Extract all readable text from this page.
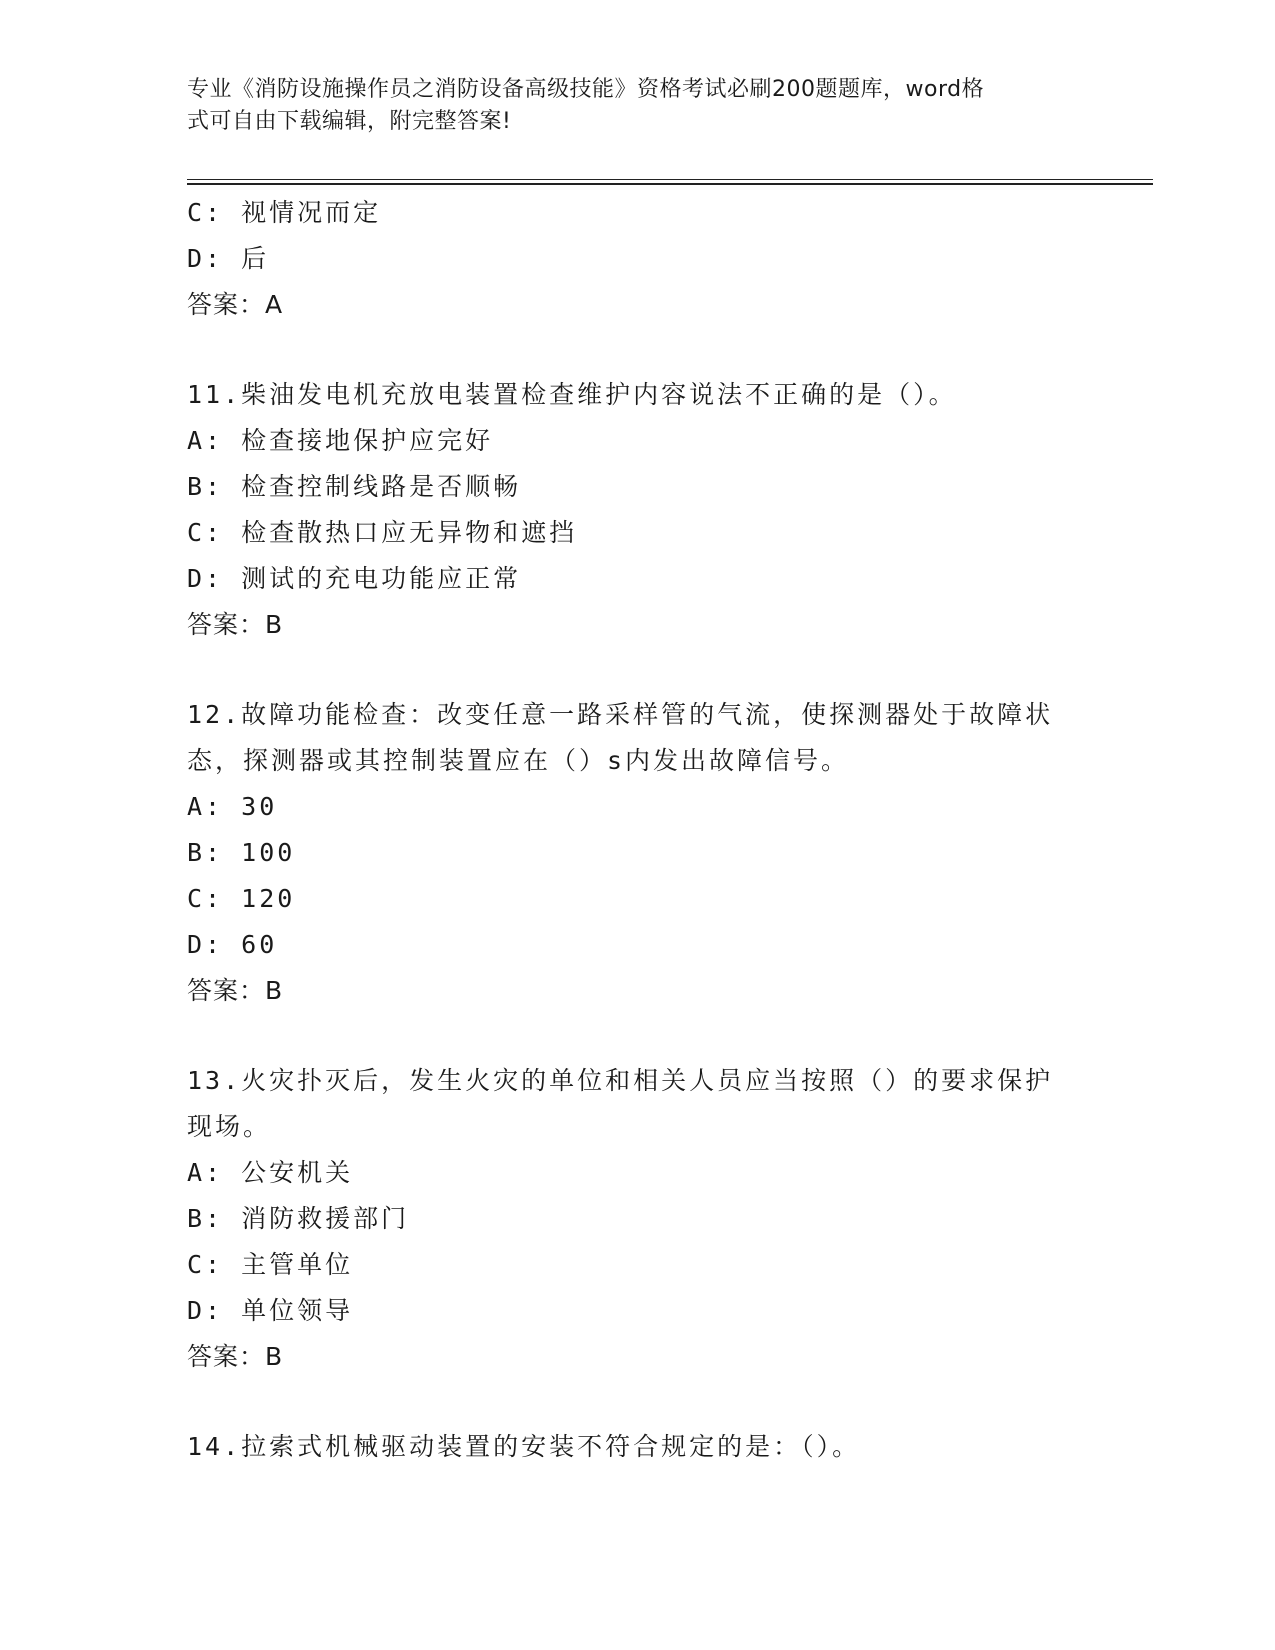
专业《消防设施操作员之消防设备高级技能》资格考试必刷200题题库，word格
式可自由下载编辑，附完整答案!
C: 视情况而定
D: 后
答案：A
11.柴油发电机充放电装置检查维护内容说法不正确的是（）。
A: 检查接地保护应完好
B: 检查控制线路是否顺畅
C: 检查散热口应无异物和遮挡
D: 测试的充电功能应正常
答案：B
12.故障功能检查：改变任意一路采样管的气流，使探测器处于故障状
态，探测器或其控制装置应在（）s内发出故障信号。
A: 30
B: 100
C: 120
D: 60
答案：B
13.火灾扑灭后，发生火灾的单位和相关人员应当按照（）的要求保护
现场。
A: 公安机关
B: 消防救援部门
C: 主管单位
D: 单位领导
答案：B
14.拉索式机械驱动装置的安装不符合规定的是：（）。
